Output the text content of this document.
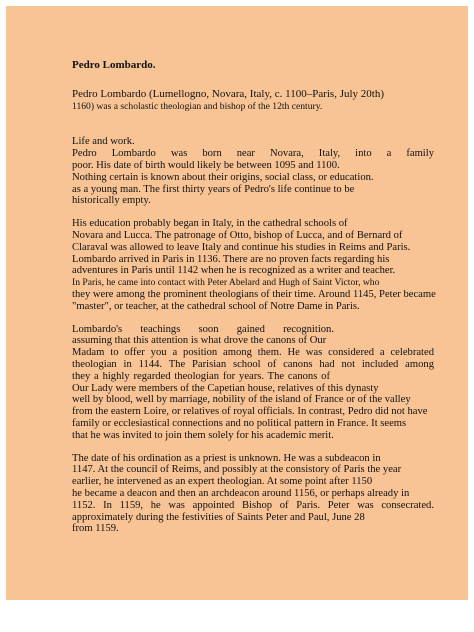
Pedro Lombardo.
Pedro Lombardo (Lumellogno, Novara, Italy, c. 1100–Paris, July 20th)
1160) was a scholastic theologian and bishop of the 12th century.
Life and work.
Pedro Lombardo was born near Novara, Italy, into a family
poor. His date of birth would likely be between 1095 and 1100.
Nothing certain is known about their origins, social class, or education.
as a young man. The first thirty years of Pedro's life continue to be
historically empty.
His education probably began in Italy, in the cathedral schools of
Novara and Lucca. The patronage of Otto, bishop of Lucca, and of Bernard of
Claraval was allowed to leave Italy and continue his studies in Reims and Paris.
Lombardo arrived in Paris in 1136. There are no proven facts regarding his
adventures in Paris until 1142 when he is recognized as a writer and teacher.
In Paris, he came into contact with Peter Abelard and Hugh of Saint Victor, who
they were among the prominent theologians of their time. Around 1145, Peter became
"master", or teacher, at the cathedral school of Notre Dame in Paris.
Lombardo's teachings soon gained recognition.
assuming that this attention is what drove the canons of Our
Madam to offer you a position among them. He was considered a celebrated
theologian in 1144. The Parisian school of canons had not included among
they a highly regarded theologian for years. The canons of
Our Lady were members of the Capetian house, relatives of this dynasty
well by blood, well by marriage, nobility of the island of France or of the valley
from the eastern Loire, or relatives of royal officials. In contrast, Pedro did not have
family or ecclesiastical connections and no political pattern in France. It seems
that he was invited to join them solely for his academic merit.
The date of his ordination as a priest is unknown. He was a subdeacon in
1147. At the council of Reims, and possibly at the consistory of Paris the year
earlier, he intervened as an expert theologian. At some point after 1150
he became a deacon and then an archdeacon around 1156, or perhaps already in
1152. In 1159, he was appointed Bishop of Paris. Peter was consecrated.
approximately during the festivities of Saints Peter and Paul, June 28
from 1159.
